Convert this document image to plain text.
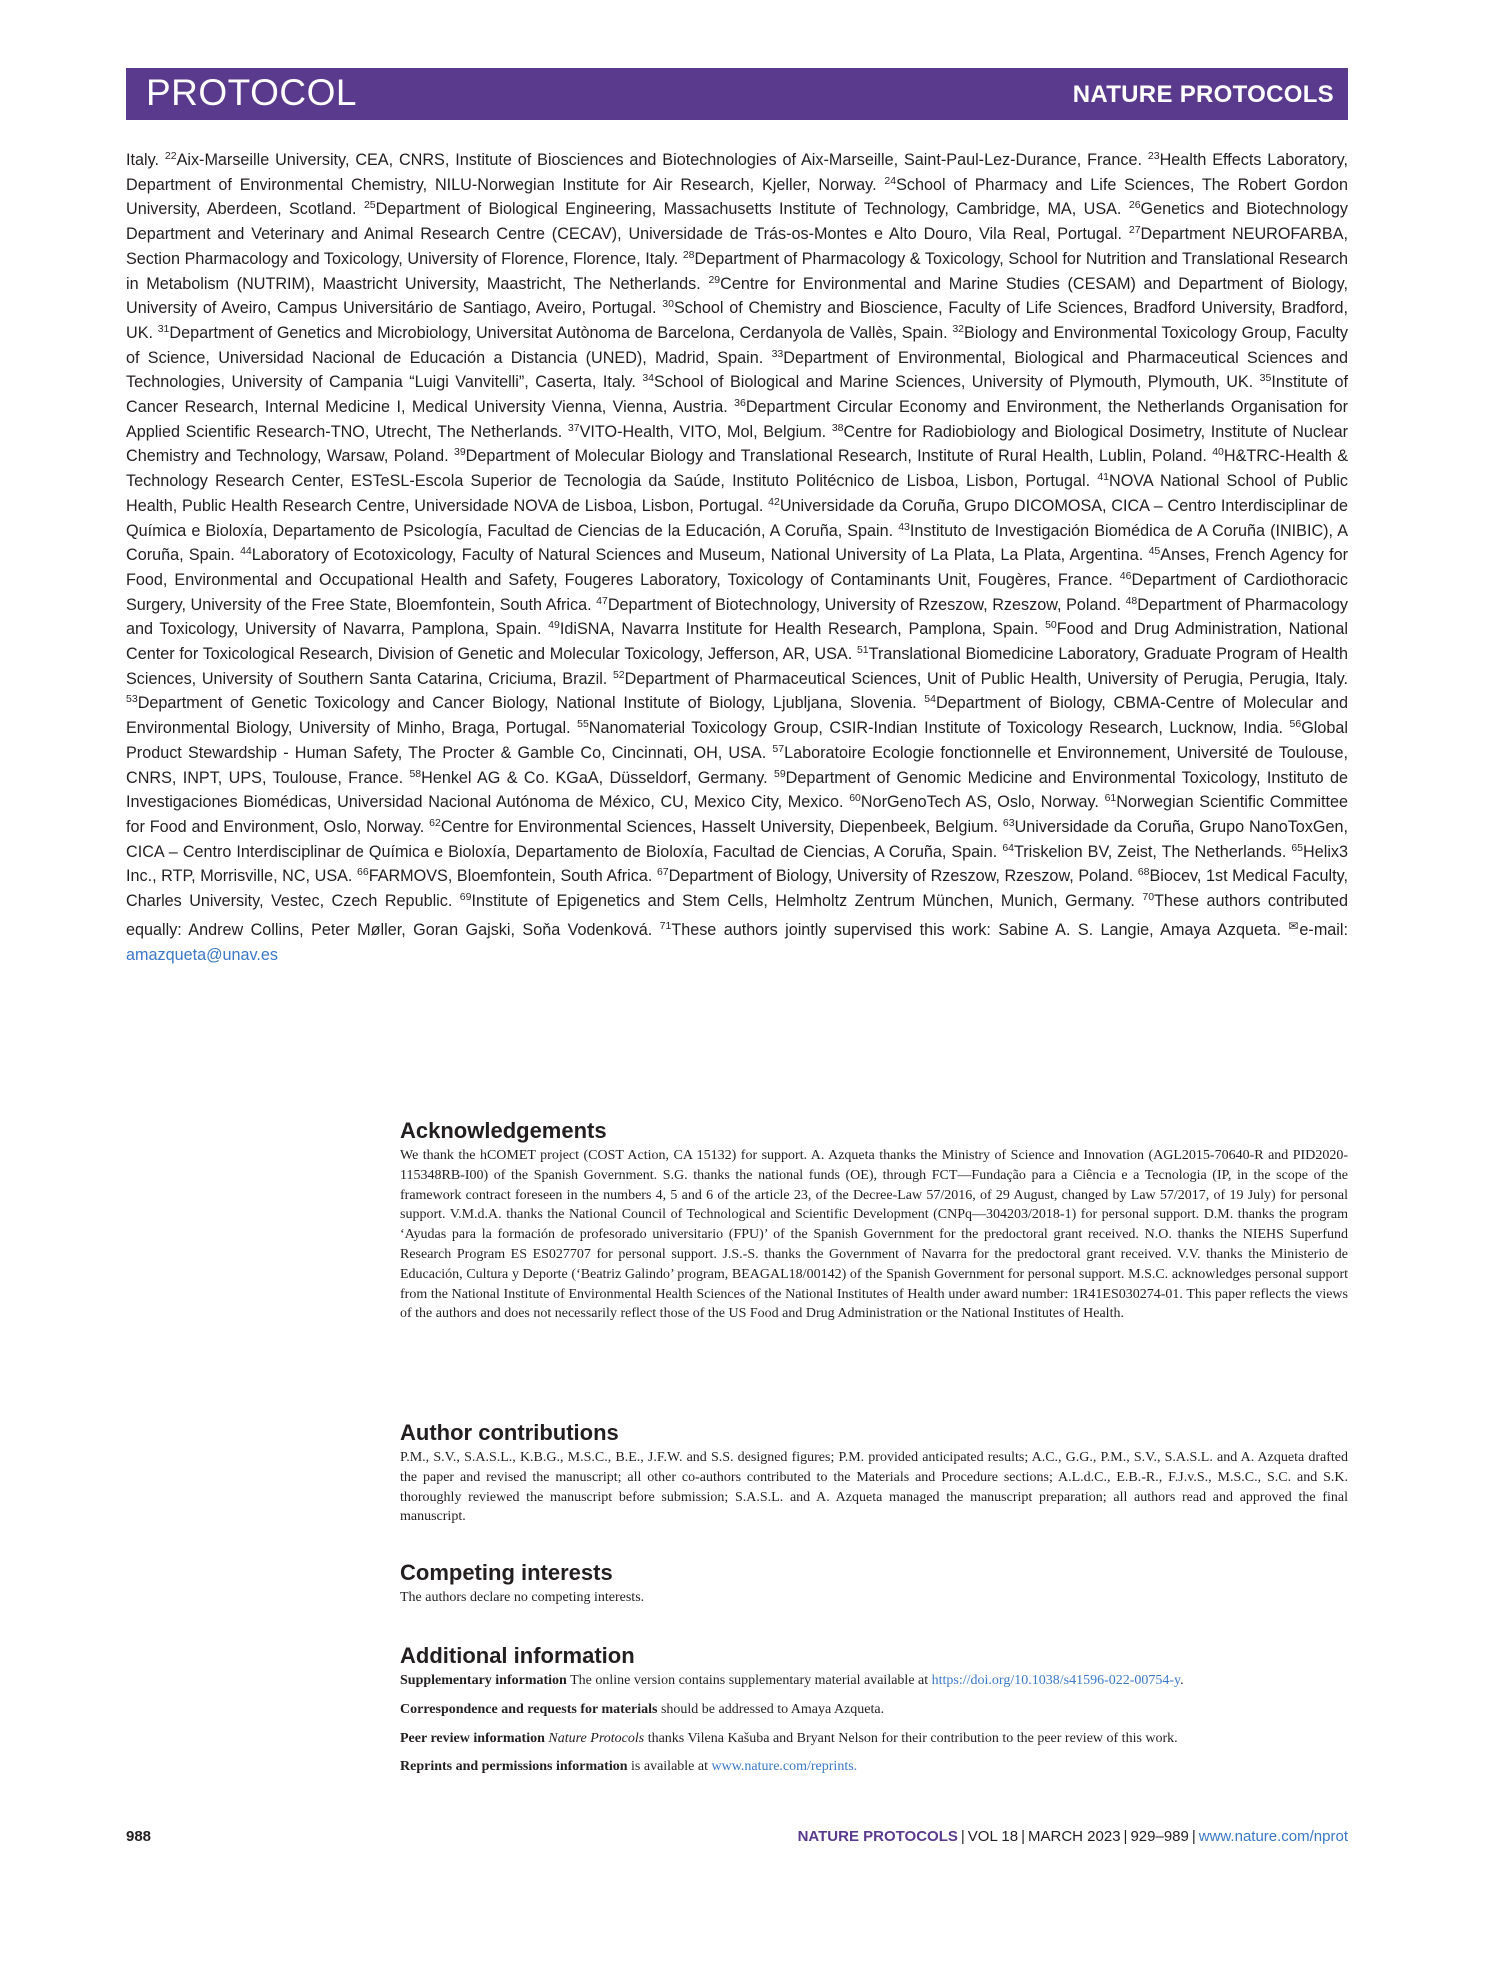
PROTOCOL	NATURE PROTOCOLS
Italy. $^{22}$Aix-Marseille University, CEA, CNRS, Institute of Biosciences and Biotechnologies of Aix-Marseille, Saint-Paul-Lez-Durance, France. $^{23}$Health Effects Laboratory, Department of Environmental Chemistry, NILU-Norwegian Institute for Air Research, Kjeller, Norway. $^{24}$School of Pharmacy and Life Sciences, The Robert Gordon University, Aberdeen, Scotland. $^{25}$Department of Biological Engineering, Massachusetts Institute of Technology, Cambridge, MA, USA. $^{26}$Genetics and Biotechnology Department and Veterinary and Animal Research Centre (CECAV), Universidade de Trás-os-Montes e Alto Douro, Vila Real, Portugal. $^{27}$Department NEUROFARBA, Section Pharmacology and Toxicology, University of Florence, Florence, Italy. $^{28}$Department of Pharmacology & Toxicology, School for Nutrition and Translational Research in Metabolism (NUTRIM), Maastricht University, Maastricht, The Netherlands. $^{29}$Centre for Environmental and Marine Studies (CESAM) and Department of Biology, University of Aveiro, Campus Universitário de Santiago, Aveiro, Portugal. $^{30}$School of Chemistry and Bioscience, Faculty of Life Sciences, Bradford University, Bradford, UK. $^{31}$Department of Genetics and Microbiology, Universitat Autònoma de Barcelona, Cerdanyola de Vallès, Spain. $^{32}$Biology and Environmental Toxicology Group, Faculty of Science, Universidad Nacional de Educación a Distancia (UNED), Madrid, Spain. $^{33}$Department of Environmental, Biological and Pharmaceutical Sciences and Technologies, University of Campania “Luigi Vanvitelli”, Caserta, Italy. $^{34}$School of Biological and Marine Sciences, University of Plymouth, Plymouth, UK. $^{35}$Institute of Cancer Research, Internal Medicine I, Medical University Vienna, Vienna, Austria. $^{36}$Department Circular Economy and Environment, the Netherlands Organisation for Applied Scientific Research-TNO, Utrecht, The Netherlands. $^{37}$VITO-Health, VITO, Mol, Belgium. $^{38}$Centre for Radiobiology and Biological Dosimetry, Institute of Nuclear Chemistry and Technology, Warsaw, Poland. $^{39}$Department of Molecular Biology and Translational Research, Institute of Rural Health, Lublin, Poland. $^{40}$H&TRC-Health & Technology Research Center, ESTeSL-Escola Superior de Tecnologia da Saúde, Instituto Politécnico de Lisboa, Lisbon, Portugal. $^{41}$NOVA National School of Public Health, Public Health Research Centre, Universidade NOVA de Lisboa, Lisbon, Portugal. $^{42}$Universidade da Coruña, Grupo DICOMOSA, CICA – Centro Interdisciplinar de Química e Bioloxía, Departamento de Psicología, Facultad de Ciencias de la Educación, A Coruña, Spain. $^{43}$Instituto de Investigación Biomédica de A Coruña (INIBIC), A Coruña, Spain. $^{44}$Laboratory of Ecotoxicology, Faculty of Natural Sciences and Museum, National University of La Plata, La Plata, Argentina. $^{45}$Anses, French Agency for Food, Environmental and Occupational Health and Safety, Fougeres Laboratory, Toxicology of Contaminants Unit, Fougères, France. $^{46}$Department of Cardiothoracic Surgery, University of the Free State, Bloemfontein, South Africa. $^{47}$Department of Biotechnology, University of Rzeszow, Rzeszow, Poland. $^{48}$Department of Pharmacology and Toxicology, University of Navarra, Pamplona, Spain. $^{49}$IdiSNA, Navarra Institute for Health Research, Pamplona, Spain. $^{50}$Food and Drug Administration, National Center for Toxicological Research, Division of Genetic and Molecular Toxicology, Jefferson, AR, USA. $^{51}$Translational Biomedicine Laboratory, Graduate Program of Health Sciences, University of Southern Santa Catarina, Criciuma, Brazil. $^{52}$Department of Pharmaceutical Sciences, Unit of Public Health, University of Perugia, Perugia, Italy. $^{53}$Department of Genetic Toxicology and Cancer Biology, National Institute of Biology, Ljubljana, Slovenia. $^{54}$Department of Biology, CBMA-Centre of Molecular and Environmental Biology, University of Minho, Braga, Portugal. $^{55}$Nanomaterial Toxicology Group, CSIR-Indian Institute of Toxicology Research, Lucknow, India. $^{56}$Global Product Stewardship - Human Safety, The Procter & Gamble Co, Cincinnati, OH, USA. $^{57}$Laboratoire Ecologie fonctionnelle et Environnement, Université de Toulouse, CNRS, INPT, UPS, Toulouse, France. $^{58}$Henkel AG & Co. KGaA, Düsseldorf, Germany. $^{59}$Department of Genomic Medicine and Environmental Toxicology, Instituto de Investigaciones Biomédicas, Universidad Nacional Autónoma de México, CU, Mexico City, Mexico. $^{60}$NorGenoTech AS, Oslo, Norway. $^{61}$Norwegian Scientific Committee for Food and Environment, Oslo, Norway. $^{62}$Centre for Environmental Sciences, Hasselt University, Diepenbeek, Belgium. $^{63}$Universidade da Coruña, Grupo NanoToxGen, CICA – Centro Interdisciplinar de Química e Bioloxía, Departamento de Bioloxía, Facultad de Ciencias, A Coruña, Spain. $^{64}$Triskelion BV, Zeist, The Netherlands. $^{65}$Helix3 Inc., RTP, Morrisville, NC, USA. $^{66}$FARMOVS, Bloemfontein, South Africa. $^{67}$Department of Biology, University of Rzeszow, Rzeszow, Poland. $^{68}$Biocev, 1st Medical Faculty, Charles University, Vestec, Czech Republic. $^{69}$Institute of Epigenetics and Stem Cells, Helmholtz Zentrum München, Munich, Germany. $^{70}$These authors contributed equally: Andrew Collins, Peter Møller, Goran Gajski, Soňa Vodenková. $^{71}$These authors jointly supervised this work: Sabine A. S. Langie, Amaya Azqueta. ✉e-mail: amazqueta@unav.es
Acknowledgements

We thank the hCOMET project (COST Action, CA 15132) for support. A. Azqueta thanks the Ministry of Science and Innovation (AGL2015-70640-R and PID2020-115348RB-I00) of the Spanish Government. S.G. thanks the national funds (OE), through FCT—Fundação para a Ciência e a Tecnologia (IP, in the scope of the framework contract foreseen in the numbers 4, 5 and 6 of the article 23, of the Decree-Law 57/2016, of 29 August, changed by Law 57/2017, of 19 July) for personal support. V.M.d.A. thanks the National Council of Technological and Scientific Development (CNPq—304203/2018-1) for personal support. D.M. thanks the program ‘Ayudas para la formación de profesorado universitario (FPU)’ of the Spanish Government for the predoctoral grant received. N.O. thanks the NIEHS Superfund Research Program ES ES027707 for personal support. J.S.-S. thanks the Government of Navarra for the predoctoral grant received. V.V. thanks the Ministerio de Educación, Cultura y Deporte (‘Beatriz Galindo’ program, BEAGAL18/00142) of the Spanish Government for personal support. M.S.C. acknowledges personal support from the National Institute of Environmental Health Sciences of the National Institutes of Health under award number: 1R41ES030274-01. This paper reflects the views of the authors and does not necessarily reflect those of the US Food and Drug Administration or the National Institutes of Health.

Author contributions

P.M., S.V., S.A.S.L., K.B.G., M.S.C., B.E., J.F.W. and S.S. designed figures; P.M. provided anticipated results; A.C., G.G., P.M., S.V., S.A.S.L. and A. Azqueta drafted the paper and revised the manuscript; all other co-authors contributed to the Materials and Procedure sections; A.L.d.C., E.B.-R., F.J.v.S., M.S.C., S.C. and S.K. thoroughly reviewed the manuscript before submission; S.A.S.L. and A. Azqueta managed the manuscript preparation; all authors read and approved the final manuscript.

Competing interests

The authors declare no competing interests.

Additional information

Supplementary information The online version contains supplementary material available at https://doi.org/10.1038/s41596-022-00754-y.

Correspondence and requests for materials should be addressed to Amaya Azqueta.

Peer review information Nature Protocols thanks Vilena Kašuba and Bryant Nelson for their contribution to the peer review of this work.

Reprints and permissions information is available at www.nature.com/reprints.

988	NATURE PROTOCOLS | VOL 18 | MARCH 2023 | 929–989 | www.nature.com/nprot
